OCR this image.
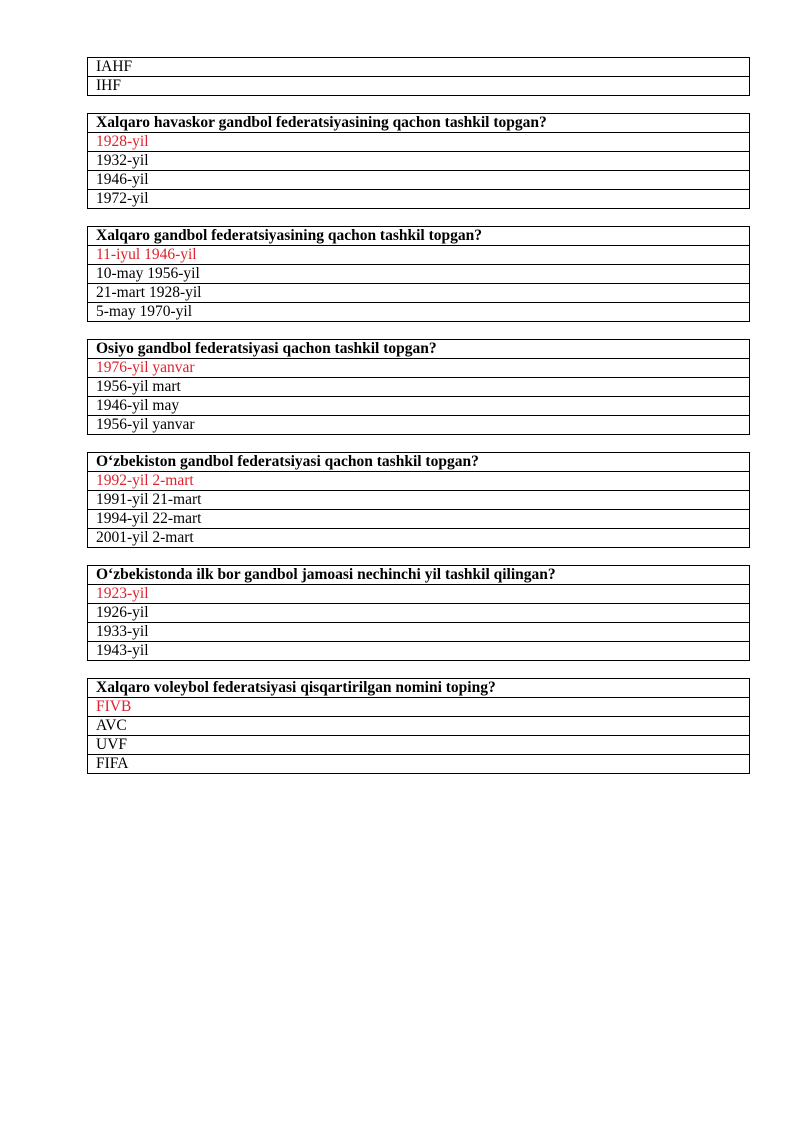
IAHF
IHF
Xalqaro havaskor gandbol federatsiyasining qachon tashkil topgan?
1928-yil
1932-yil
1946-yil
1972-yil
Xalqaro gandbol federatsiyasining qachon tashkil topgan?
11-iyul 1946-yil
10-may 1956-yil
21-mart 1928-yil
5-may 1970-yil
Osiyo gandbol federatsiyasi qachon tashkil topgan?
1976-yil yanvar
1956-yil mart
1946-yil may
1956-yil yanvar
O‘zbekiston gandbol federatsiyasi qachon tashkil topgan?
1992-yil 2-mart
1991-yil 21-mart
1994-yil 22-mart
2001-yil 2-mart
O‘zbekistonda ilk bor gandbol jamoasi nechinchi yil tashkil qilingan?
1923-yil
1926-yil
1933-yil
1943-yil
Xalqaro voleybol federatsiyasi qisqartirilgan nomini toping?
FIVB
AVC
UVF
FIFA
